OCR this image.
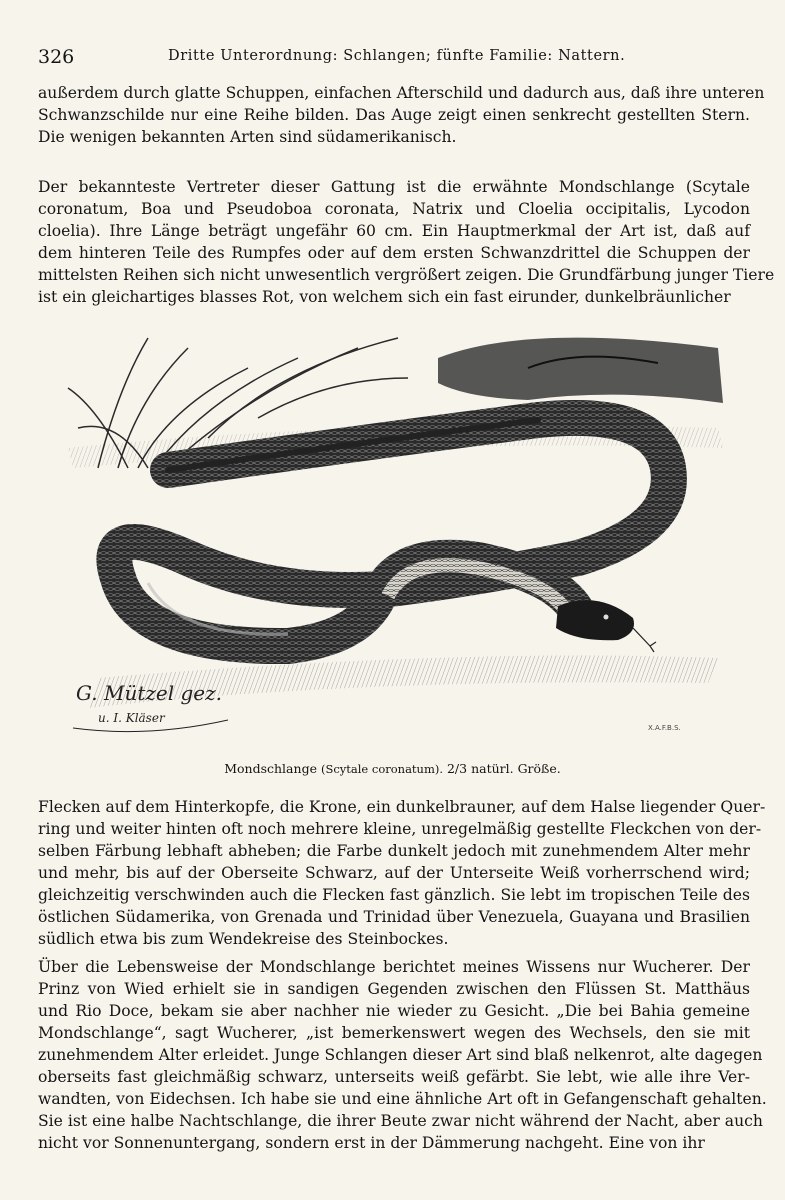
326	Dritte Unterordnung: Schlangen; fünfte Familie: Nattern.
außerdem durch glatte Schuppen, einfachen Afterschild und dadurch aus, daß ihre unteren
Schwanzschilde nur eine Reihe bilden. Das Auge zeigt einen senkrecht gestellten Stern.
Die wenigen bekannten Arten sind südamerikanisch.
Der bekannteste Vertreter dieser Gattung ist die erwähnte Mondschlange (Scytale
coronatum, Boa und Pseudoboa coronata, Natrix und Cloelia occipitalis, Lycodon
cloelia). Ihre Länge beträgt ungefähr 60 cm. Ein Hauptmerkmal der Art ist, daß auf
dem hinteren Teile des Rumpfes oder auf dem ersten Schwanzdrittel die Schuppen der
mittelsten Reihen sich nicht unwesentlich vergrößert zeigen. Die Grundfärbung junger Tiere
ist ein gleichartiges blasses Rot, von welchem sich ein fast eirunder, dunkelbräunlicher
G. Mützel gez.
u. I. Kläser
X.A.F.B.S.
Mondschlange (Scytale coronatum). 2/3 natürl. Größe.
Flecken auf dem Hinterkopfe, die Krone, ein dunkelbrauner, auf dem Halse liegender Quer-
ring und weiter hinten oft noch mehrere kleine, unregelmäßig gestellte Fleckchen von der-
selben Färbung lebhaft abheben; die Farbe dunkelt jedoch mit zunehmendem Alter mehr
und mehr, bis auf der Oberseite Schwarz, auf der Unterseite Weiß vorherrschend wird;
gleichzeitig verschwinden auch die Flecken fast gänzlich. Sie lebt im tropischen Teile des
östlichen Südamerika, von Grenada und Trinidad über Venezuela, Guayana und Brasilien
südlich etwa bis zum Wendekreise des Steinbockes.
Über die Lebensweise der Mondschlange berichtet meines Wissens nur Wucherer. Der
Prinz von Wied erhielt sie in sandigen Gegenden zwischen den Flüssen St. Matthäus
und Rio Doce, bekam sie aber nachher nie wieder zu Gesicht. „Die bei Bahia gemeine
Mondschlange“, sagt Wucherer, „ist bemerkenswert wegen des Wechsels, den sie mit
zunehmendem Alter erleidet. Junge Schlangen dieser Art sind blaß nelkenrot, alte dagegen
oberseits fast gleichmäßig schwarz, unterseits weiß gefärbt. Sie lebt, wie alle ihre Ver-
wandten, von Eidechsen. Ich habe sie und eine ähnliche Art oft in Gefangenschaft gehalten.
Sie ist eine halbe Nachtschlange, die ihrer Beute zwar nicht während der Nacht, aber auch
nicht vor Sonnenuntergang, sondern erst in der Dämmerung nachgeht. Eine von ihr
